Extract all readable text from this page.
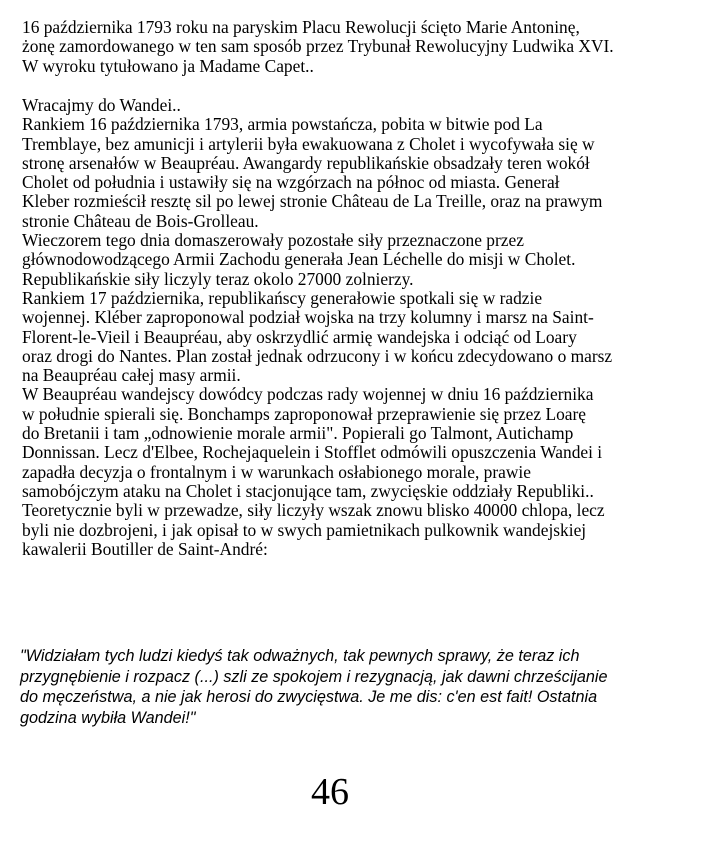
16 października 1793 roku na paryskim Placu Rewolucji ścięto Marie Antoninę,
żonę zamordowanego w ten sam sposób przez Trybunał Rewolucyjny Ludwika XVI.
W wyroku tytułowano ja Madame Capet..

Wracajmy do Wandei..
Rankiem 16 października 1793, armia powstańcza, pobita w bitwie pod La
Tremblaye, bez amunicji i artylerii była ewakuowana z Cholet i wycofywała się w
stronę arsenałów w Beaupréau. Awangardy republikańskie obsadzały teren wokół
Cholet od południa i ustawiły się na wzgórzach na północ od miasta. Generał
Kleber rozmieścił resztę sil po lewej stronie Château de La Treille, oraz na prawym
stronie Château de Bois-Grolleau.
Wieczorem tego dnia domaszerowały pozostałe siły przeznaczone przez
głównodowodzącego Armii Zachodu generała Jean Léchelle do misji w Cholet.
Republikańskie siły liczyly teraz okolo 27000 zolnierzy.
Rankiem 17 października, republikańscy generałowie spotkali się w radzie
wojennej. Kléber zaproponowal podział wojska na trzy kolumny i marsz na Saint-
Florent-le-Vieil i Beaupréau, aby oskrzydlić armię wandejska i odciąć od Loary
oraz drogi do Nantes. Plan został jednak odrzucony i w końcu zdecydowano o marsz
na Beaupréau całej masy armii.
W Beaupréau wandejscy dowódcy podczas rady wojennej w dniu 16 października
w południe spierali się. Bonchamps zaproponował przeprawienie się przez Loarę
do Bretanii i tam „odnowienie morale armii". Popierali go Talmont, Autichamp
Donnissan. Lecz d'Elbee, Rochejaquelein i Stofflet odmówili opuszczenia Wandei i
zapadła decyzja o frontalnym i w warunkach osłabionego morale, prawie
samobójczym ataku na Cholet i stacjonujące tam, zwycięskie oddziały Republiki..
Teoretycznie byli w przewadze, siły liczyły wszak znowu blisko 40000 chlopa, lecz
byli nie dozbrojeni, i jak opisał to w swych pamietnikach pulkownik wandejskiej
kawalerii Boutiller de Saint-André:

"Widziałam tych ludzi kiedyś tak odważnych, tak pewnych sprawy, że teraz ich
przygnębienie i rozpacz (...) szli ze spokojem i rezygnacją, jak dawni chrześcijanie
do męczeństwa, a nie jak herosi do zwycięstwa. Je me dis: c'en est fait! Ostatnia
godzina wybiła Wandei!"

46
